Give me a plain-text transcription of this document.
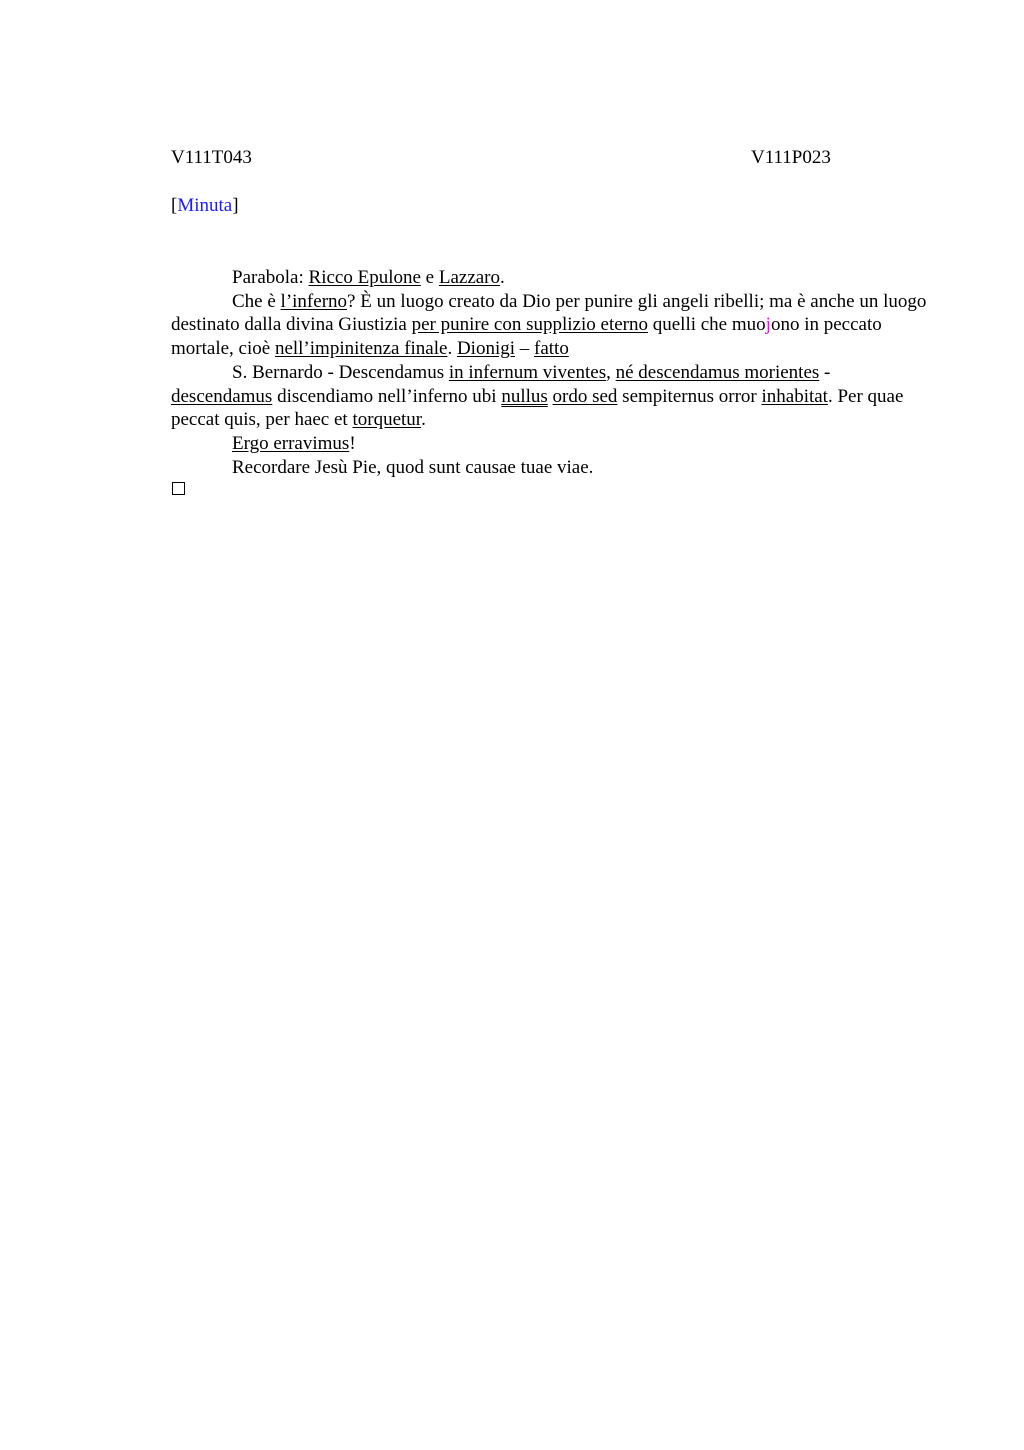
V111T043	V111P023
[Minuta]

Parabola: Ricco Epulone e Lazzaro.

Che è l’inferno? È un luogo creato da Dio per punire gli angeli ribelli; ma è anche un luogo destinato dalla divina Giustizia per punire con supplizio eterno quelli che muojono in peccato mortale, cioè nell’impinitenza finale. Dionigi – fatto

S. Bernardo - Descendamus in infernum viventes, né descendamus morientes - descendamus discendiamo nell’inferno ubi nullus ordo sed sempiternus orror inhabitat. Per quae peccat quis, per haec et torquetur.

Ergo erravimus!

Recordare Jesù Pie, quod sunt causae tuae viae.
